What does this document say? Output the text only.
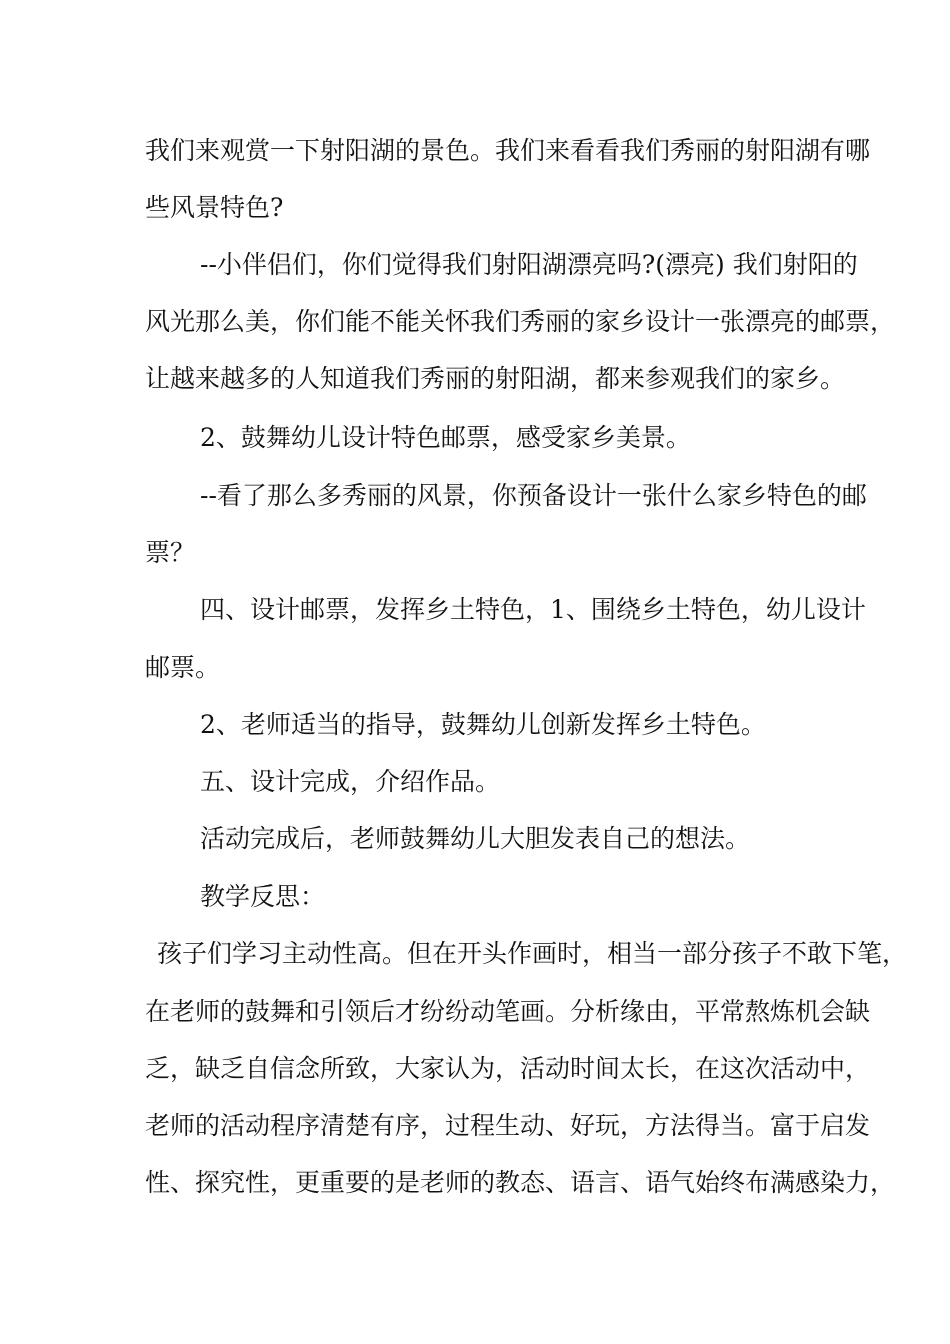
我们来观赏一下射阳湖的景色。我们来看看我们秀丽的射阳湖有哪
些风景特色?
--小伴侣们，你们觉得我们射阳湖漂亮吗?(漂亮) 我们射阳的
风光那么美，你们能不能关怀我们秀丽的家乡设计一张漂亮的邮票，
让越来越多的人知道我们秀丽的射阳湖，都来参观我们的家乡。
2、鼓舞幼儿设计特色邮票，感受家乡美景。
--看了那么多秀丽的风景，你预备设计一张什么家乡特色的邮
票？
四、设计邮票，发挥乡土特色，1、围绕乡土特色，幼儿设计
邮票。
2、老师适当的指导，鼓舞幼儿创新发挥乡土特色。
五、设计完成，介绍作品。
活动完成后，老师鼓舞幼儿大胆发表自己的想法。
教学反思：
孩子们学习主动性高。但在开头作画时，相当一部分孩子不敢下笔，
在老师的鼓舞和引领后才纷纷动笔画。分析缘由，平常熬炼机会缺
乏，缺乏自信念所致，大家认为，活动时间太长，在这次活动中，
老师的活动程序清楚有序，过程生动、好玩，方法得当。富于启发
性、探究性，更重要的是老师的教态、语言、语气始终布满感染力，
